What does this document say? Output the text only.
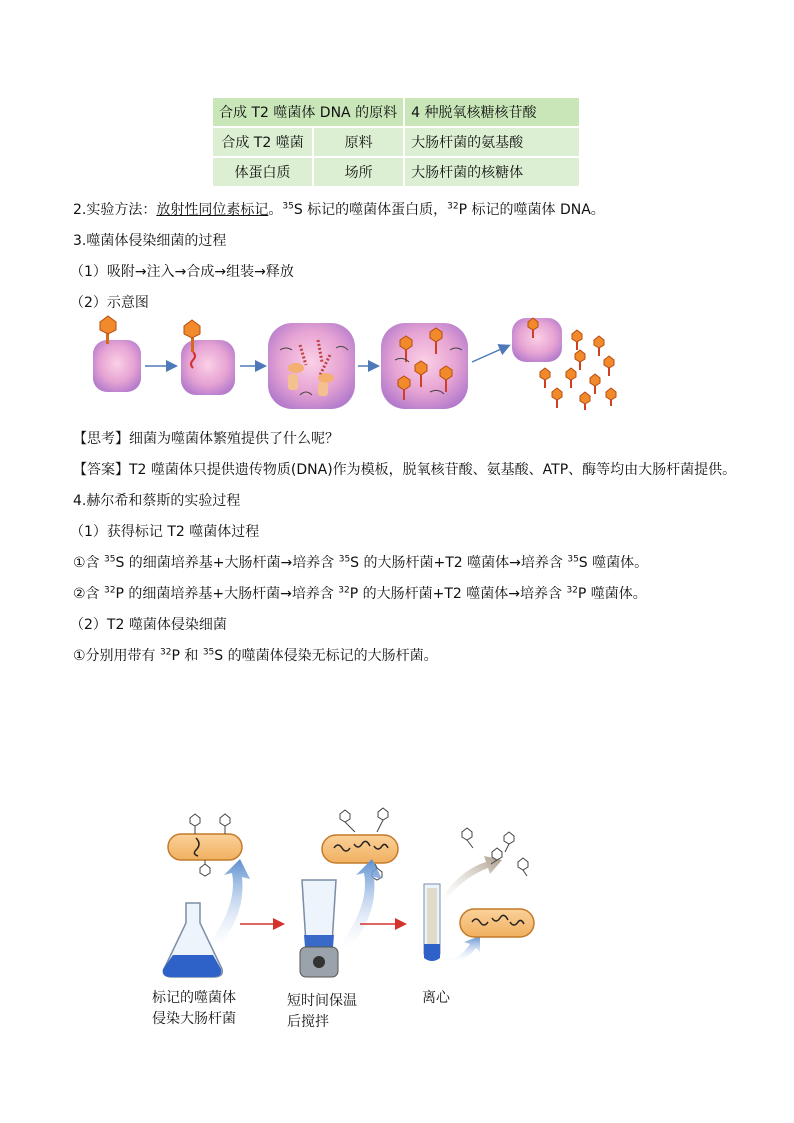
合成 T2 噬菌体 DNA 的原料		4 种脱氧核糖核苷酸
合成 T2 噬菌	原料	大肠杆菌的氨基酸
体蛋白质	场所	大肠杆菌的核糖体
2.实验方法：放射性同位素标记。$^{35}$S 标记的噬菌体蛋白质，$^{32}$P 标记的噬菌体 DNA。
3.噬菌体侵染细菌的过程
（1）吸附→注入→合成→组装→释放
（2）示意图
【思考】细菌为噬菌体繁殖提供了什么呢？
【答案】T2 噬菌体只提供遗传物质(DNA)作为模板，脱氧核苷酸、氨基酸、ATP、酶等均由大肠杆菌提供。
4.赫尔希和蔡斯的实验过程
（1）获得标记 T2 噬菌体过程
①含 $^{35}$S 的细菌培养基+大肠杆菌→培养含 $^{35}$S 的大肠杆菌+T2 噬菌体→培养含 $^{35}$S 噬菌体。
②含 $^{32}$P 的细菌培养基+大肠杆菌→培养含 $^{32}$P 的大肠杆菌+T2 噬菌体→培养含 $^{32}$P 噬菌体。
（2）T2 噬菌体侵染细菌
①分别用带有 $^{32}$P 和 $^{35}$S 的噬菌体侵染无标记的大肠杆菌。
标记的噬菌体
侵染大肠杆菌
短时间保温
后搅拌
离心
